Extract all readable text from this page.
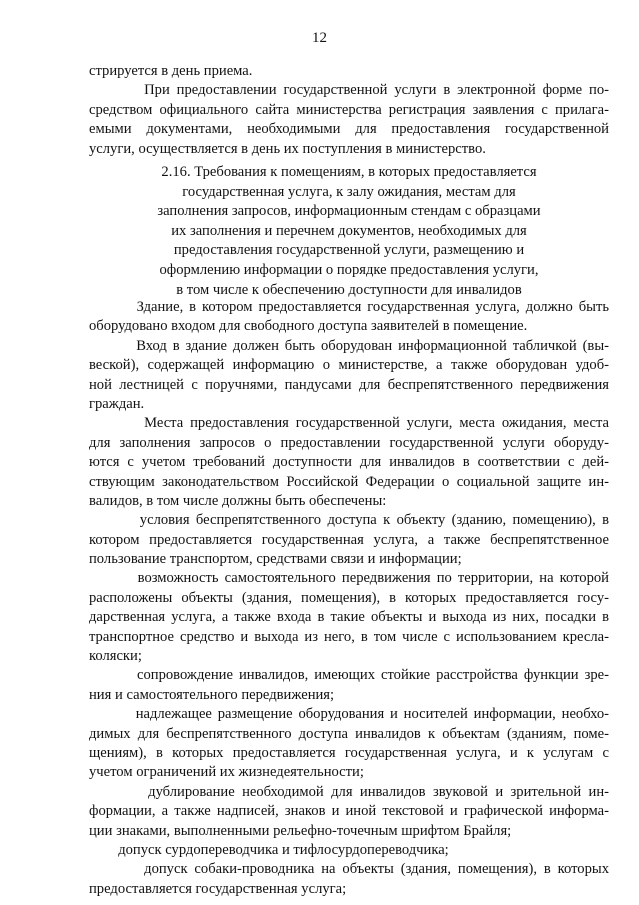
12
стрируется в день приема.
При предоставлении государственной услуги в электронной форме по-
средством официального сайта министерства регистрация заявления с прилага-
емыми документами, необходимыми для предоставления государственной
услуги, осуществляется в день их поступления в министерство.
2.16. Требования к помещениям, в которых предоставляется
государственная услуга, к залу ожидания, местам для
заполнения запросов, информационным стендам с образцами
их заполнения и перечнем документов, необходимых для
предоставления государственной услуги, размещению и
оформлению информации о порядке предоставления услуги,
в том числе к обеспечению доступности для инвалидов
Здание, в котором предоставляется государственная услуга, должно быть
оборудовано входом для свободного доступа заявителей в помещение.
Вход в здание должен быть оборудован информационной табличкой (вы-
веской), содержащей информацию о министерстве, а также оборудован удоб-
ной лестницей с поручнями, пандусами для беспрепятственного передвижения
граждан.
Места предоставления государственной услуги, места ожидания, места
для заполнения запросов о предоставлении государственной услуги оборуду-
ются с учетом требований доступности для инвалидов в соответствии с дей-
ствующим законодательством Российской Федерации о социальной защите ин-
валидов, в том числе должны быть обеспечены:
условия беспрепятственного доступа к объекту (зданию, помещению), в
котором предоставляется государственная услуга, а также беспрепятственное
пользование транспортом, средствами связи и информации;
возможность самостоятельного передвижения по территории, на которой
расположены объекты (здания, помещения), в которых предоставляется госу-
дарственная услуга, а также входа в такие объекты и выхода из них, посадки в
транспортное средство и выхода из него, в том числе с использованием кресла-
коляски;
сопровождение инвалидов, имеющих стойкие расстройства функции зре-
ния и самостоятельного передвижения;
надлежащее размещение оборудования и носителей информации, необхо-
димых для беспрепятственного доступа инвалидов к объектам (зданиям, поме-
щениям), в которых предоставляется государственная услуга, и к услугам с
учетом ограничений их жизнедеятельности;
дублирование необходимой для инвалидов звуковой и зрительной ин-
формации, а также надписей, знаков и иной текстовой и графической информа-
ции знаками, выполненными рельефно-точечным шрифтом Брайля;
допуск сурдопереводчика и тифлосурдопереводчика;
допуск собаки-проводника на объекты (здания, помещения), в которых
предоставляется государственная услуга;
